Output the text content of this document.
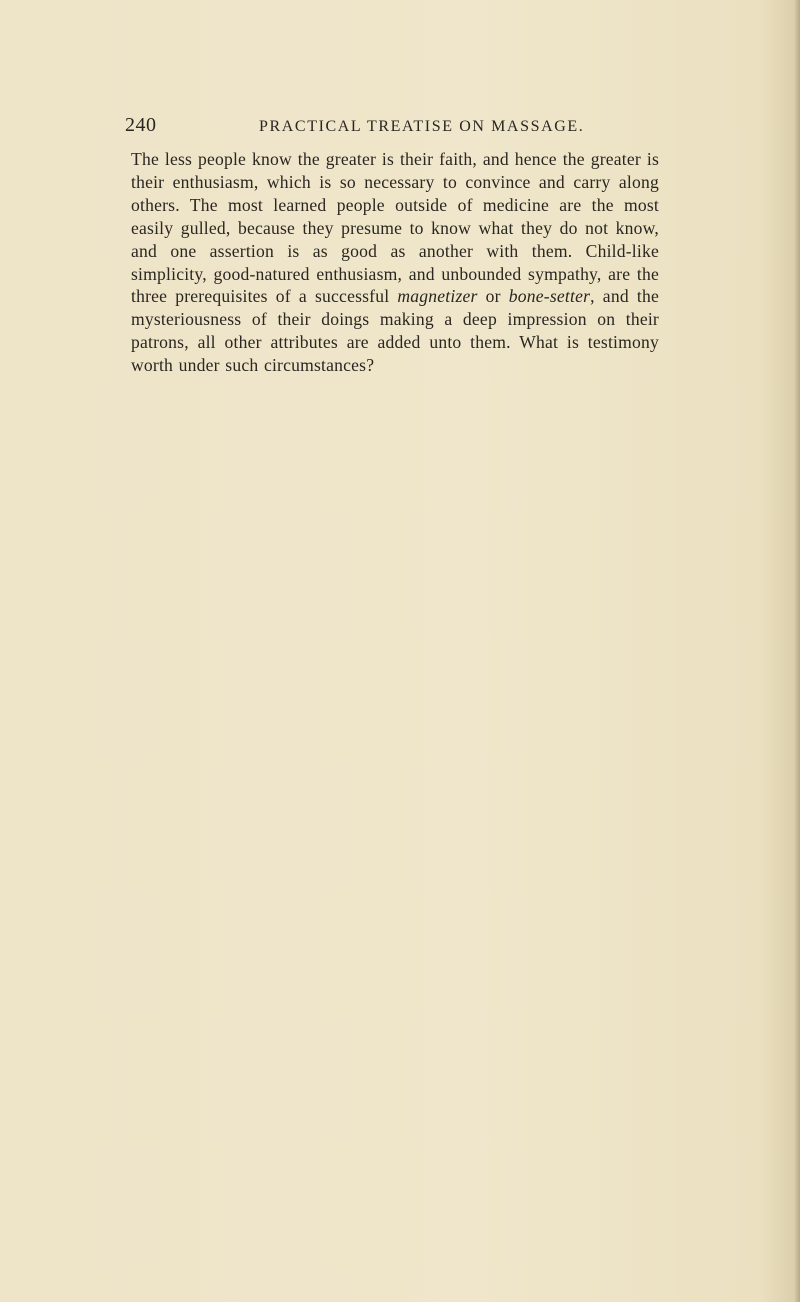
240	PRACTICAL TREATISE ON MASSAGE.

The less people know the greater is their faith, and hence the greater is their enthusiasm, which is so necessary to convince and carry along others. The most learned people outside of medicine are the most easily gulled, because they presume to know what they do not know, and one assertion is as good as another with them. Child-like simplicity, good-natured enthusiasm, and unbounded sympathy, are the three prerequisites of a successful magnetizer or bone-setter, and the mysteriousness of their doings making a deep impression on their patrons, all other attributes are added unto them. What is testimony worth under such circumstances?
